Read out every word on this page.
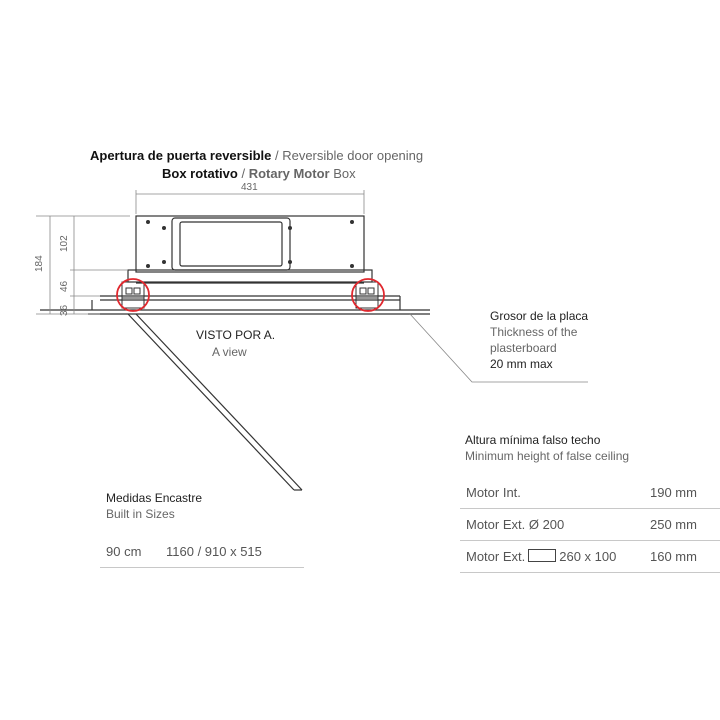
Apertura de puerta reversible / Reversible door opening
Box rotativo / Rotary Motor Box
431
184
102
46
36
VISTO POR A.
A view
Grosor de la placa
Thickness of the
plasterboard
20 mm max
Altura mínima falso techo
Minimum height of false ceiling
Motor Int.	190 mm
Motor Ext. Ø 200	250 mm
Motor Ext.	260 x 100	160 mm
Medidas Encastre
Built in Sizes
90 cm 1160 / 910 x 515
